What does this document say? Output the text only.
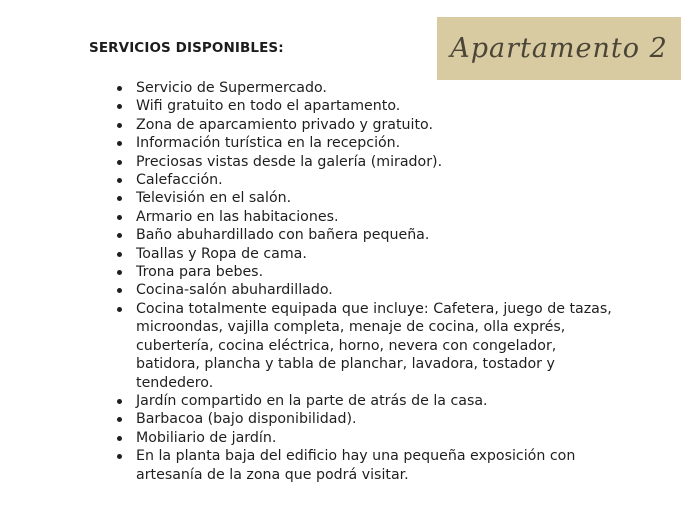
SERVICIOS DISPONIBLES:	Apartamento 2
Servicio de Supermercado.
Wifi gratuito en todo el apartamento.
Zona de aparcamiento privado y gratuito.
Información turística en la recepción.
Preciosas vistas desde la galería (mirador).
Calefacción.
Televisión en el salón.
Armario en las habitaciones.
Baño abuhardillado con bañera pequeña.
Toallas y Ropa de cama.
Trona para bebes.
Cocina-salón abuhardillado.
Cocina totalmente equipada que incluye: Cafetera, juego de tazas, microondas, vajilla completa, menaje de cocina, olla exprés, cubertería, cocina eléctrica, horno, nevera con congelador, batidora, plancha y tabla de planchar, lavadora, tostador y tendedero.
Jardín compartido en la parte de atrás de la casa.
Barbacoa (bajo disponibilidad).
Mobiliario de jardín.
En la planta baja del edificio hay una pequeña exposición con artesanía de la zona que podrá visitar.
